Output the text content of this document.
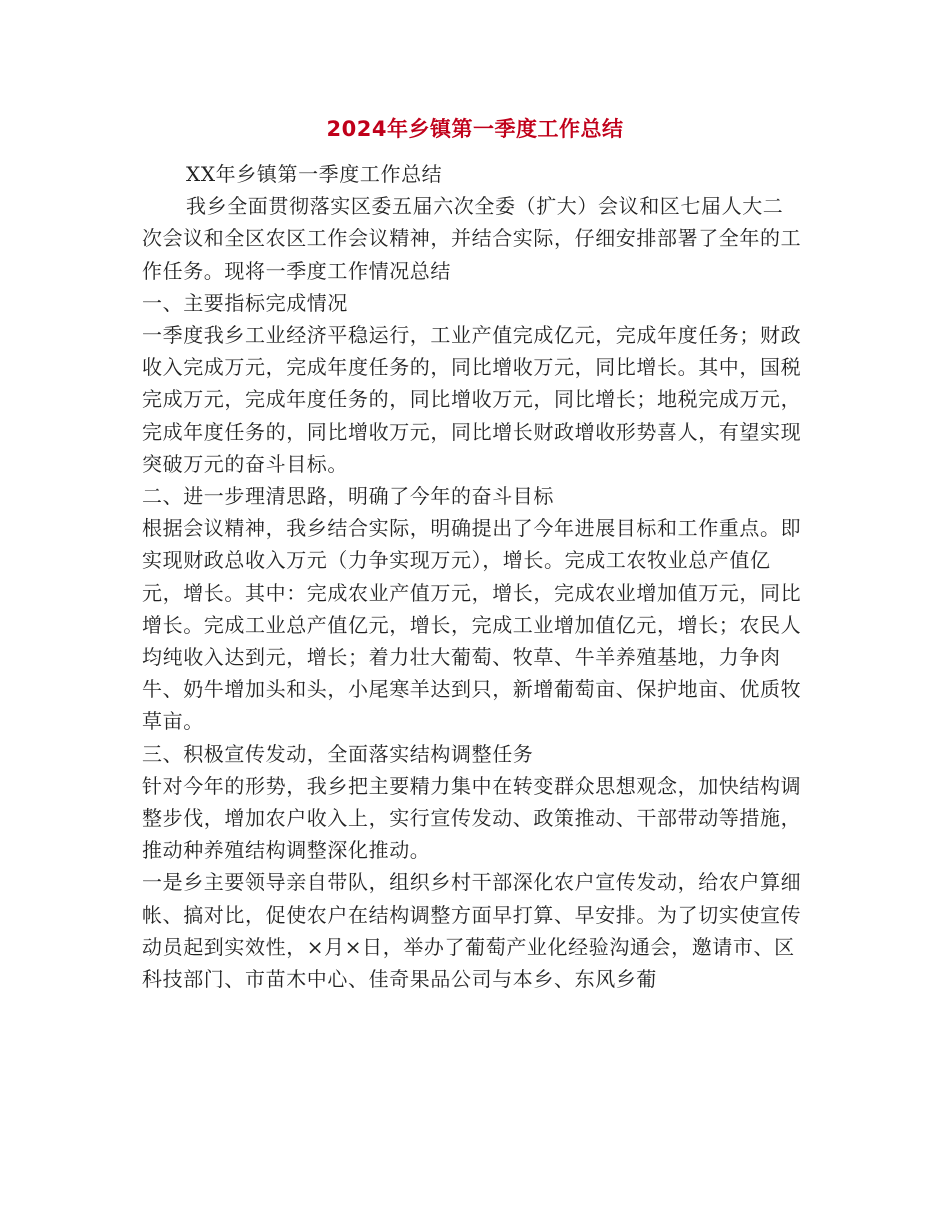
2024年乡镇第一季度工作总结

XX年乡镇第一季度工作总结

我乡全面贯彻落实区委五届六次全委（扩大）会议和区七届人大二次会议和全区农区工作会议精神，并结合实际，仔细安排部署了全年的工作任务。现将一季度工作情况总结

一、主要指标完成情况

一季度我乡工业经济平稳运行，工业产值完成亿元，完成年度任务；财政收入完成万元，完成年度任务的，同比增收万元，同比增长。其中，国税完成万元，完成年度任务的，同比增收万元，同比增长；地税完成万元，完成年度任务的，同比增收万元，同比增长财政增收形势喜人，有望实现突破万元的奋斗目标。

二、进一步理清思路，明确了今年的奋斗目标

根据会议精神，我乡结合实际，明确提出了今年进展目标和工作重点。即实现财政总收入万元（力争实现万元），增长。完成工农牧业总产值亿元，增长。其中：完成农业产值万元，增长，完成农业增加值万元，同比增长。完成工业总产值亿元，增长，完成工业增加值亿元，增长；农民人均纯收入达到元，增长；着力壮大葡萄、牧草、牛羊养殖基地，力争肉牛、奶牛增加头和头，小尾寒羊达到只，新增葡萄亩、保护地亩、优质牧草亩。

三、积极宣传发动，全面落实结构调整任务

针对今年的形势，我乡把主要精力集中在转变群众思想观念，加快结构调整步伐，增加农户收入上，实行宣传发动、政策推动、干部带动等措施，推动种养殖结构调整深化推动。

一是乡主要领导亲自带队，组织乡村干部深化农户宣传发动，给农户算细帐、搞对比，促使农户在结构调整方面早打算、早安排。为了切实使宣传动员起到实效性，×月×日，举办了葡萄产业化经验沟通会，邀请市、区科技部门、市苗木中心、佳奇果品公司与本乡、东风乡葡
